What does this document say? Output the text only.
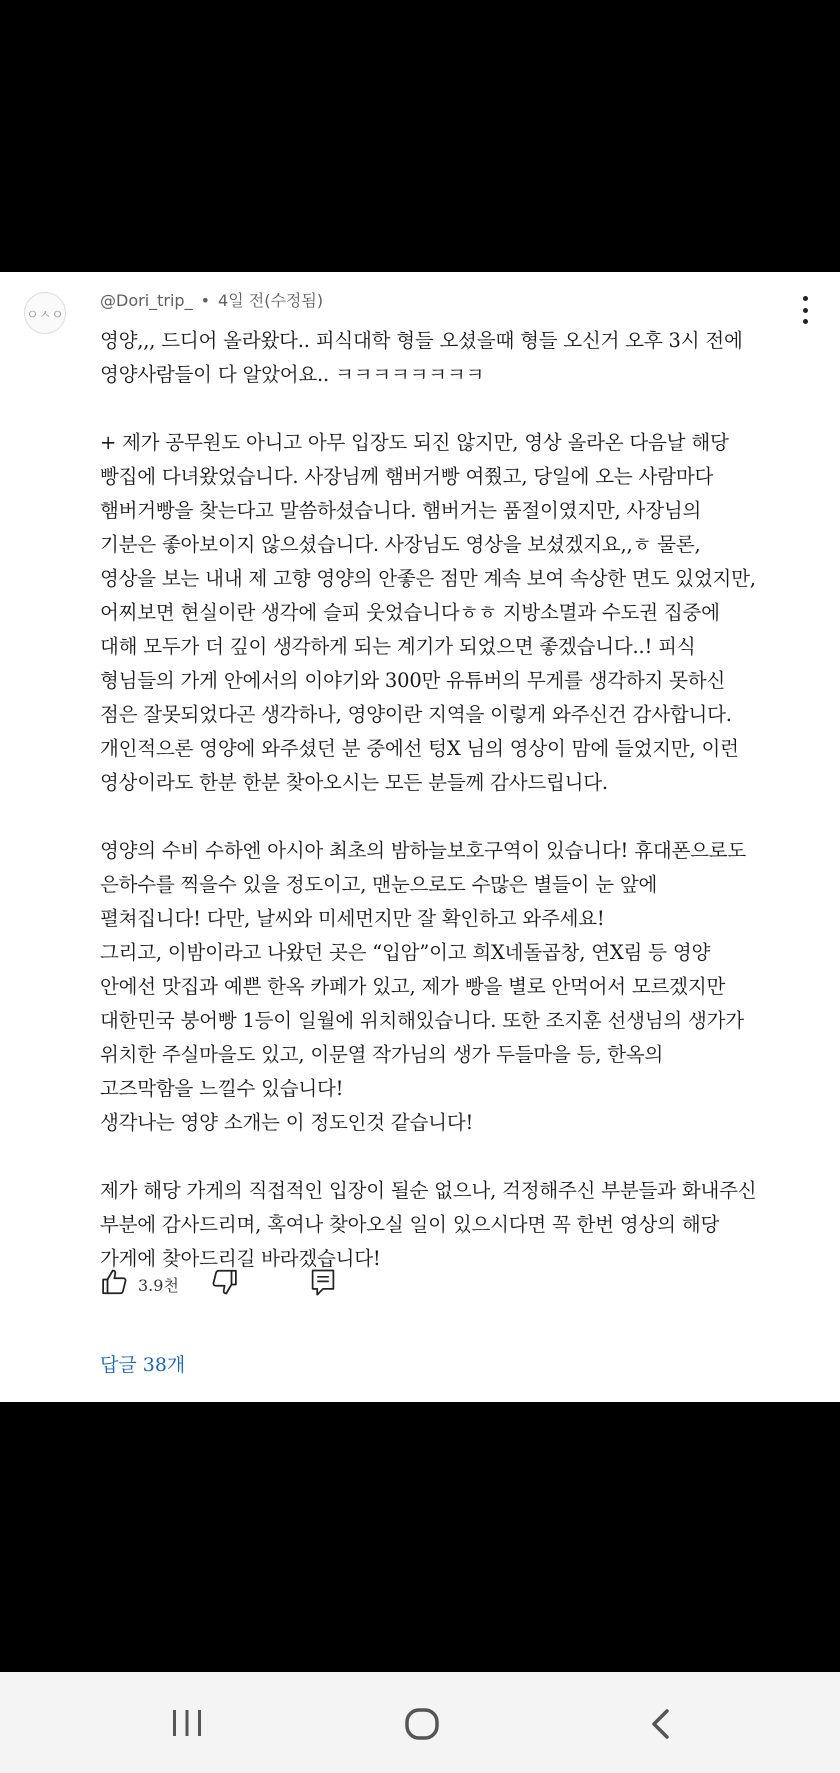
ㅇㅅㅇ
@Dori_trip_ • 4일 전(수정됨)
영양,,, 드디어 올라왔다.. 피식대학 형들 오셨을때 형들 오신거 오후 3시 전에
영양사람들이 다 알았어요.. ㅋㅋㅋㅋㅋㅋㅋㅋ
+ 제가 공무원도 아니고 아무 입장도 되진 않지만, 영상 올라온 다음날 해당
빵집에 다녀왔었습니다. 사장님께 햄버거빵 여쭸고, 당일에 오는 사람마다
햄버거빵을 찾는다고 말씀하셨습니다. 햄버거는 품절이였지만, 사장님의
기분은 좋아보이지 않으셨습니다. 사장님도 영상을 보셨겠지요,,ㅎ 물론,
영상을 보는 내내 제 고향 영양의 안좋은 점만 계속 보여 속상한 면도 있었지만,
어찌보면 현실이란 생각에 슬피 웃었습니다ㅎㅎ 지방소멸과 수도권 집중에
대해 모두가 더 깊이 생각하게 되는 계기가 되었으면 좋겠습니다..! 피식
형님들의 가게 안에서의 이야기와 300만 유튜버의 무게를 생각하지 못하신
점은 잘못되었다곤 생각하나, 영양이란 지역을 이렇게 와주신건 감사합니다.
개인적으론 영양에 와주셨던 분 중에선 텅X 님의 영상이 맘에 들었지만, 이런
영상이라도 한분 한분 찾아오시는 모든 분들께 감사드립니다.
영양의 수비 수하엔 아시아 최초의 밤하늘보호구역이 있습니다! 휴대폰으로도
은하수를 찍을수 있을 정도이고, 맨눈으로도 수많은 별들이 눈 앞에
펼쳐집니다! 다만, 날씨와 미세먼지만 잘 확인하고 와주세요!
그리고, 이밤이라고 나왔던 곳은 “입암”이고 희X네돌곱창, 연X림 등 영양
안에선 맛집과 예쁜 한옥 카페가 있고, 제가 빵을 별로 안먹어서 모르겠지만
대한민국 붕어빵 1등이 일월에 위치해있습니다. 또한 조지훈 선생님의 생가가
위치한 주실마을도 있고, 이문열 작가님의 생가 두들마을 등, 한옥의
고즈막함을 느낄수 있습니다!
생각나는 영양 소개는 이 정도인것 같습니다!
제가 해당 가게의 직접적인 입장이 될순 없으나, 걱정해주신 부분들과 화내주신
부분에 감사드리며, 혹여나 찾아오실 일이 있으시다면 꼭 한번 영상의 해당
가게에 찾아드리길 바라겠습니다!
3.9천
답글 38개
